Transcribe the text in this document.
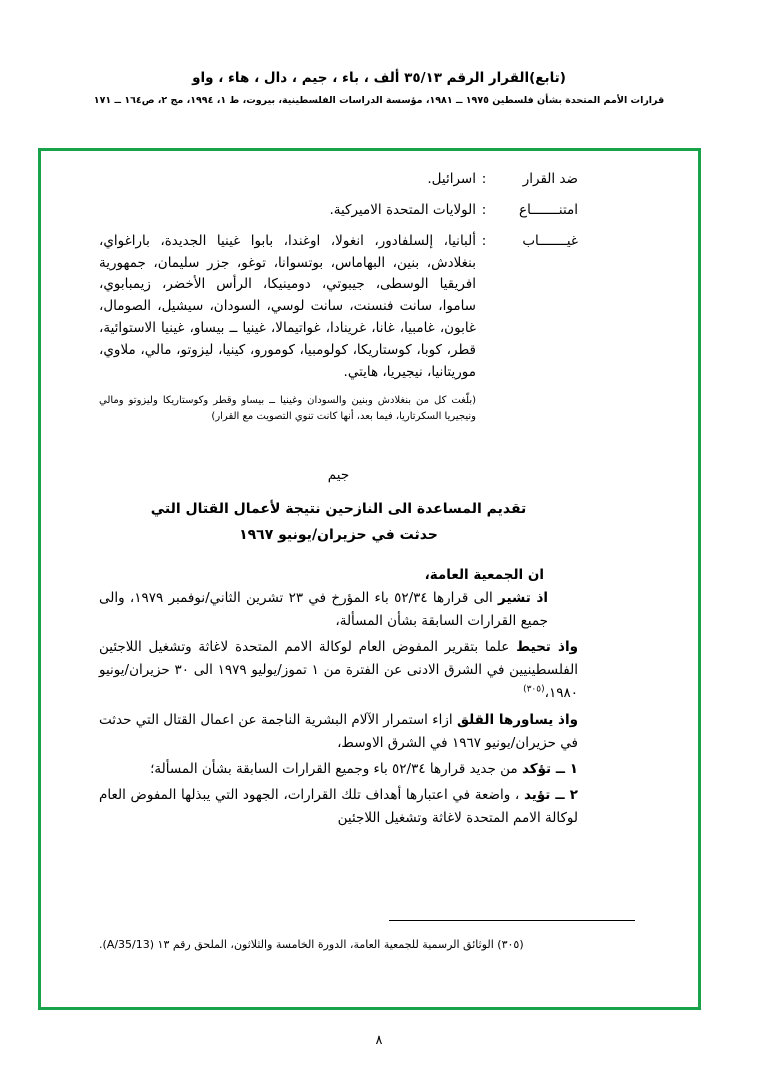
(تابع)القرار الرقم ٣٥/١٣ ألف ، باء ، جيم ، دال ، هاء ، واو
قرارات الأمم المتحدة بشأن فلسطين ١٩٧٥ ــ ١٩٨١، مؤسسة الدراسات الفلسطينية، بيروت، ط ١، ١٩٩٤، مج ٢، ص١٦٤ ــ ١٧١
ضد القرار
:
اسرائيل.
امتنـــــــاع
:
الولايات المتحدة الاميركية.
غيـــــــاب
:
ألبانيا، إلسلفادور، انغولا، اوغندا، بابوا غينيا الجديدة، باراغواي، بنغلادش، بنين، البهاماس، بوتسوانا، توغو، جزر سليمان، جمهورية افريقيا الوسطى، جيبوتي، دومينيكا، الرأس الأخضر، زيمبابوي، ساموا، سانت فنسنت، سانت لوسي، السودان، سيشيل، الصومال، غابون، غامبيا، غانا، غرينادا، غواتيمالا، غينيا ــ بيساو، غينيا الاستوائية، قطر، كوبا، كوستاريكا، كولومبيا، كومورو، كينيا، ليزوتو، مالي، ملاوي، موريتانيا، نيجيريا، هايتي.
(بلّغت كل من بنغلادش وبنين والسودان وغينيا ــ بيساو وقطر وكوستاريكا وليزوتو ومالي ونيجيريا السكرتاريا، فيما بعد، أنها كانت تنوي التصويت مع القرار)
جيم
تقديم المساعدة الى النازحين نتيجة لأعمال القتال التي
حدثت في حزيران/يونيو ١٩٦٧
ان الجمعية العامة،
اذ تشير الى قرارها ٥٢/٣٤ باء المؤرخ في ٢٣ تشرين الثاني/نوفمبر ١٩٧٩، والى جميع القرارات السابقة بشأن المسألة،
واذ تحيط علما بتقرير المفوض العام لوكالة الامم المتحدة لاغاثة وتشغيل اللاجئين الفلسطينيين في الشرق الادنى عن الفترة من ١ تموز/يوليو ١٩٧٩ الى ٣٠ حزيران/يونيو ١٩٨٠،$^{(٣٠٥)}$
واذ يساورها القلق ازاء استمرار الآلام البشرية الناجمة عن اعمال القتال التي حدثت في حزيران/يونيو ١٩٦٧ في الشرق الاوسط،
١ ــ تؤكد من جديد قرارها ٥٢/٣٤ باء وجميع القرارات السابقة بشأن المسألة؛
٢ ــ تؤيد ، واضعة في اعتبارها أهداف تلك القرارات، الجهود التي يبذلها المفوض العام لوكالة الامم المتحدة لاغاثة وتشغيل اللاجئين
(٣٠٥) الوثائق الرسمية للجمعية العامة، الدورة الخامسة والثلاثون، الملحق رقم ١٣ (A/35/13).
٨
